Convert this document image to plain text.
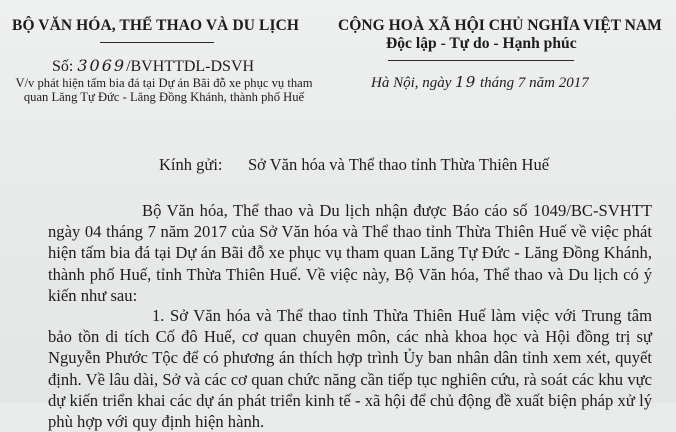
BỘ VĂN HÓA, THỂ THAO VÀ DU LỊCH
Số: 3069/BVHTTDL-DSVH
V/v phát hiện tấm bia đá tại Dự án Bãi đỗ xe phục vụ tham quan Lăng Tự Đức - Lăng Đồng Khánh, thành phố Huế
CỘNG HOÀ XÃ HỘI CHỦ NGHĨA VIỆT NAM
Độc lập - Tự do - Hạnh phúc
Hà Nội, ngày 19 tháng 7 năm 2017
Kính gửi: Sở Văn hóa và Thể thao tỉnh Thừa Thiên Huế
Bộ Văn hóa, Thể thao và Du lịch nhận được Báo cáo số 1049/BC-SVHTT ngày 04 tháng 7 năm 2017 của Sở Văn hóa và Thể thao tỉnh Thừa Thiên Huế về việc phát hiện tấm bia đá tại Dự án Bãi đỗ xe phục vụ tham quan Lăng Tự Đức - Lăng Đồng Khánh, thành phố Huế, tỉnh Thừa Thiên Huế. Về việc này, Bộ Văn hóa, Thể thao và Du lịch có ý kiến như sau:
1. Sở Văn hóa và Thể thao tỉnh Thừa Thiên Huế làm việc với Trung tâm bảo tồn di tích Cố đô Huế, cơ quan chuyên môn, các nhà khoa học và Hội đồng trị sự Nguyễn Phước Tộc để có phương án thích hợp trình Ủy ban nhân dân tỉnh xem xét, quyết định. Về lâu dài, Sở và các cơ quan chức năng cần tiếp tục nghiên cứu, rà soát các khu vực dự kiến triển khai các dự án phát triển kinh tế - xã hội để chủ động đề xuất biện pháp xử lý phù hợp với quy định hiện hành.
